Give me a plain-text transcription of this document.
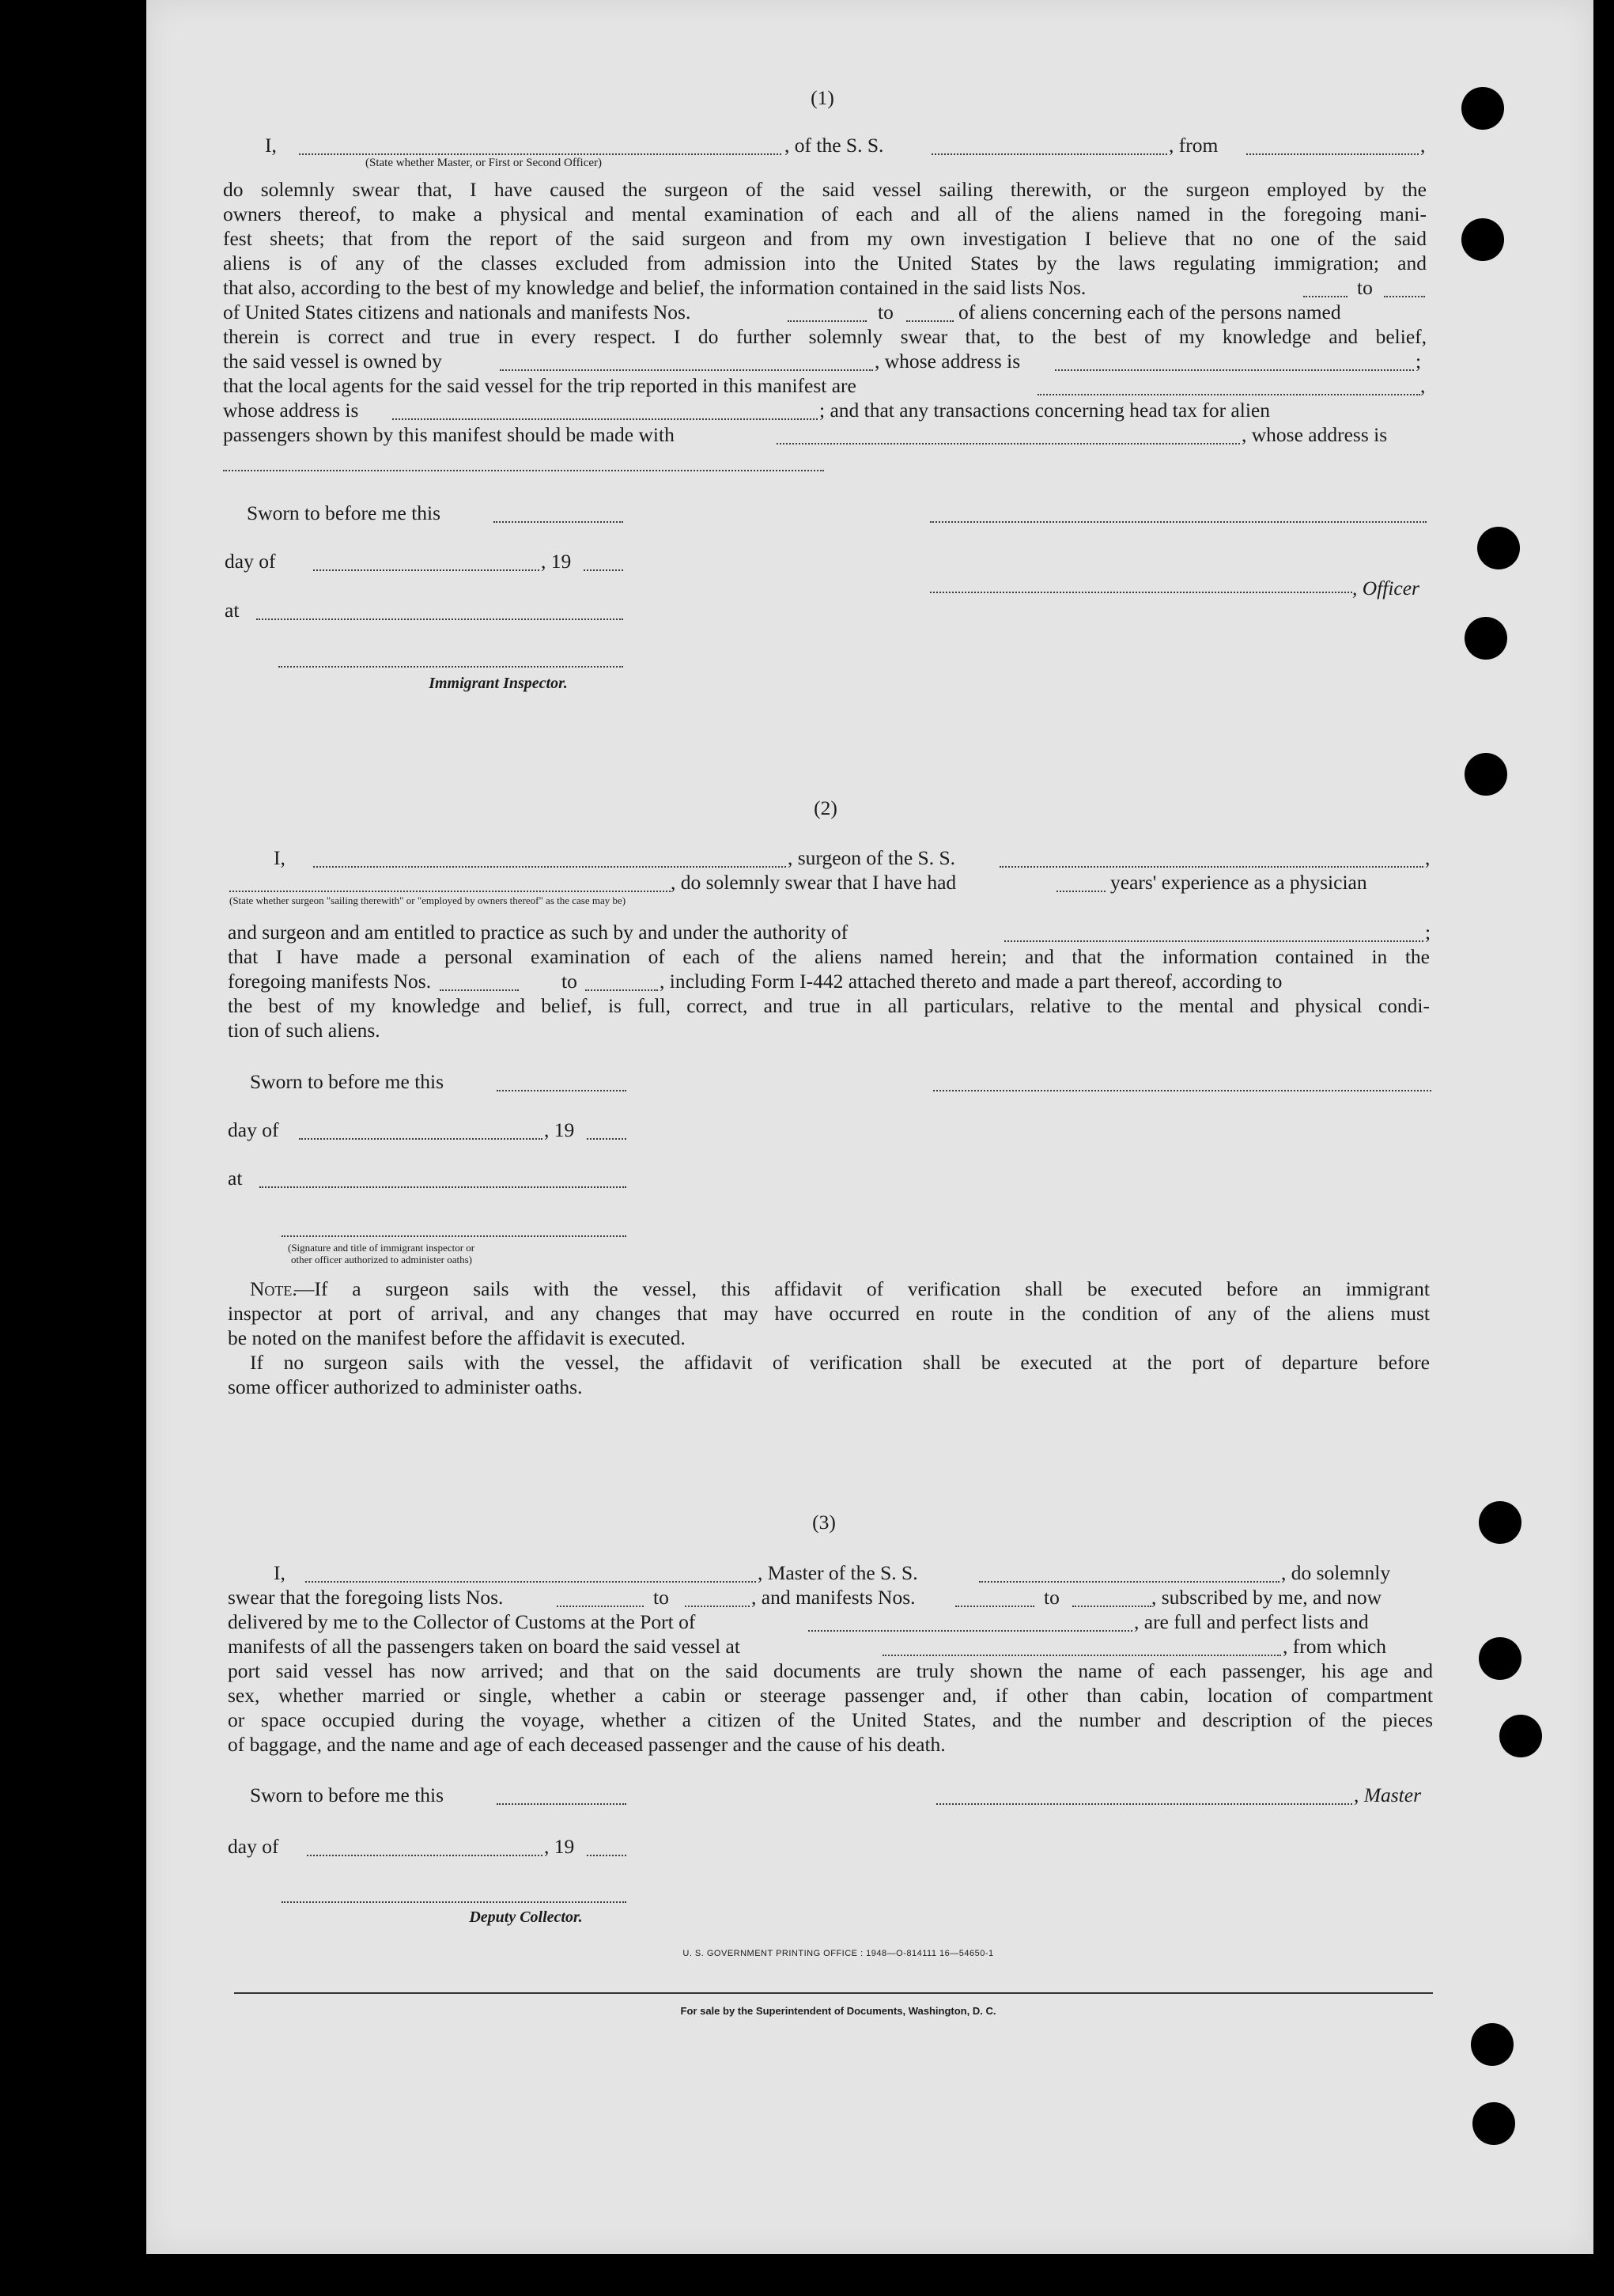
(1)
I,	, of the S. S.	, from	,
(State whether Master, or First or Second Officer)
do solemnly swear that, I have caused the surgeon of the said vessel sailing therewith, or the surgeon employed by the
owners thereof, to make a physical and mental examination of each and all of the aliens named in the foregoing mani-
fest sheets; that from the report of the said surgeon and from my own investigation I believe that no one of the said
aliens is of any of the classes excluded from admission into the United States by the laws regulating immigration; and
that also, according to the best of my knowledge and belief, the information contained in the said lists Nos.	to
of United States citizens and nationals and manifests Nos.	to	of aliens concerning each of the persons named
therein is correct and true in every respect. I do further solemnly swear that, to the best of my knowledge and belief,
the said vessel is owned by	, whose address is	;
that the local agents for the said vessel for the trip reported in this manifest are	,
whose address is	; and that any transactions concerning head tax for alien
passengers shown by this manifest should be made with	, whose address is
Sworn to before me this
day of	, 19
at
, Officer
Immigrant Inspector.
(2)
I,	, surgeon of the S. S.	,
, do solemnly swear that I have had	years' experience as a physician
(State whether surgeon "sailing therewith" or "employed by owners thereof" as the case may be)
and surgeon and am entitled to practice as such by and under the authority of	;
that I have made a personal examination of each of the aliens named herein; and that the information contained in the
foregoing manifests Nos.	to	, including Form I-442 attached thereto and made a part thereof, according to
the best of my knowledge and belief, is full, correct, and true in all particulars, relative to the mental and physical condi-
tion of such aliens.
Sworn to before me this
day of	, 19
at
(Signature and title of immigrant inspector or
other officer authorized to administer oaths)
Note.
—If a surgeon sails with the vessel, this affidavit of verification shall be executed before an immigrant
inspector at port of arrival, and any changes that may have occurred en route in the condition of any of the aliens must
be noted on the manifest before the affidavit is executed.
If no surgeon sails with the vessel, the affidavit of verification shall be executed at the port of departure before
some officer authorized to administer oaths.
(3)
I,	, Master of the S. S.	, do solemnly
swear that the foregoing lists Nos.	to	, and manifests Nos.	to	, subscribed by me, and now
delivered by me to the Collector of Customs at the Port of	, are full and perfect lists and
manifests of all the passengers taken on board the said vessel at	, from which
port said vessel has now arrived; and that on the said documents are truly shown the name of each passenger, his age and
sex, whether married or single, whether a cabin or steerage passenger and, if other than cabin, location of compartment
or space occupied during the voyage, whether a citizen of the United States, and the number and description of the pieces
of baggage, and the name and age of each deceased passenger and the cause of his death.
Sworn to before me this	, Master
day of	, 19
Deputy Collector.
U. S. GOVERNMENT PRINTING OFFICE : 1948—O-814111 16—54650-1
For sale by the Superintendent of Documents, Washington, D. C.
